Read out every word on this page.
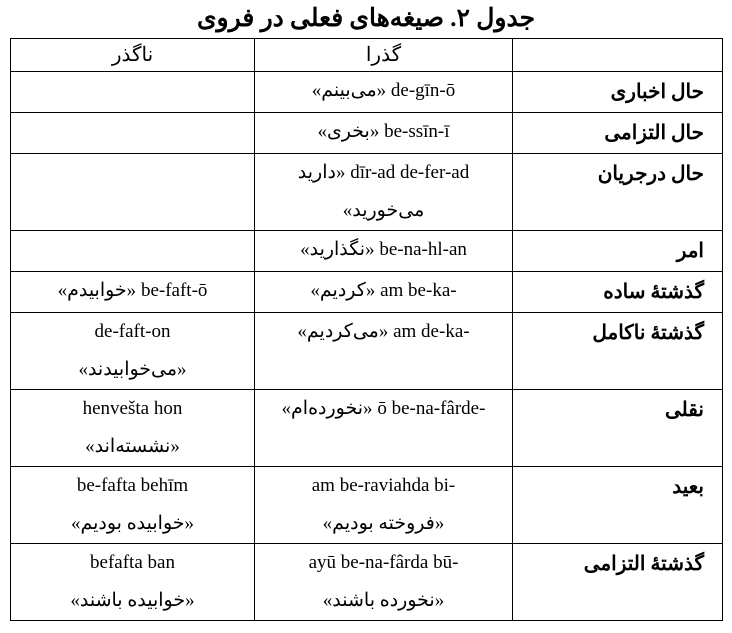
جدول ۲. صیغه‌های فعلی در فروی
	گذرا	ناگذر
حال اخباری	de-gīn-ō «می‌بینم»	

حال التزامی	be-ssīn-ī «بخری»	

حال درجریان	dīr-ad de-fer-ad «دارید
می‌خورید»	

امر	be-na-hl-an «نگذارید»	

گذشتهٔ ساده	-am be-ka «کردیم»	be-faft-ō «خوابیدم»

گذشتهٔ ناکامل	-am de-ka «می‌کردیم»	de-faft-on
«می‌خوابیدند»

نقلی	-ō be-na-fârde «نخورده‌ام»	henvešta hon
«نشسته‌اند»

بعید	-am be-raviahda bi
«فروخته بودیم»	be-fafta behīm
«خوابیده بودیم»

گذشتهٔ التزامی	-ayū be-na-fârda bū
«نخورده باشند»	befafta ban
«خوابیده باشند»
